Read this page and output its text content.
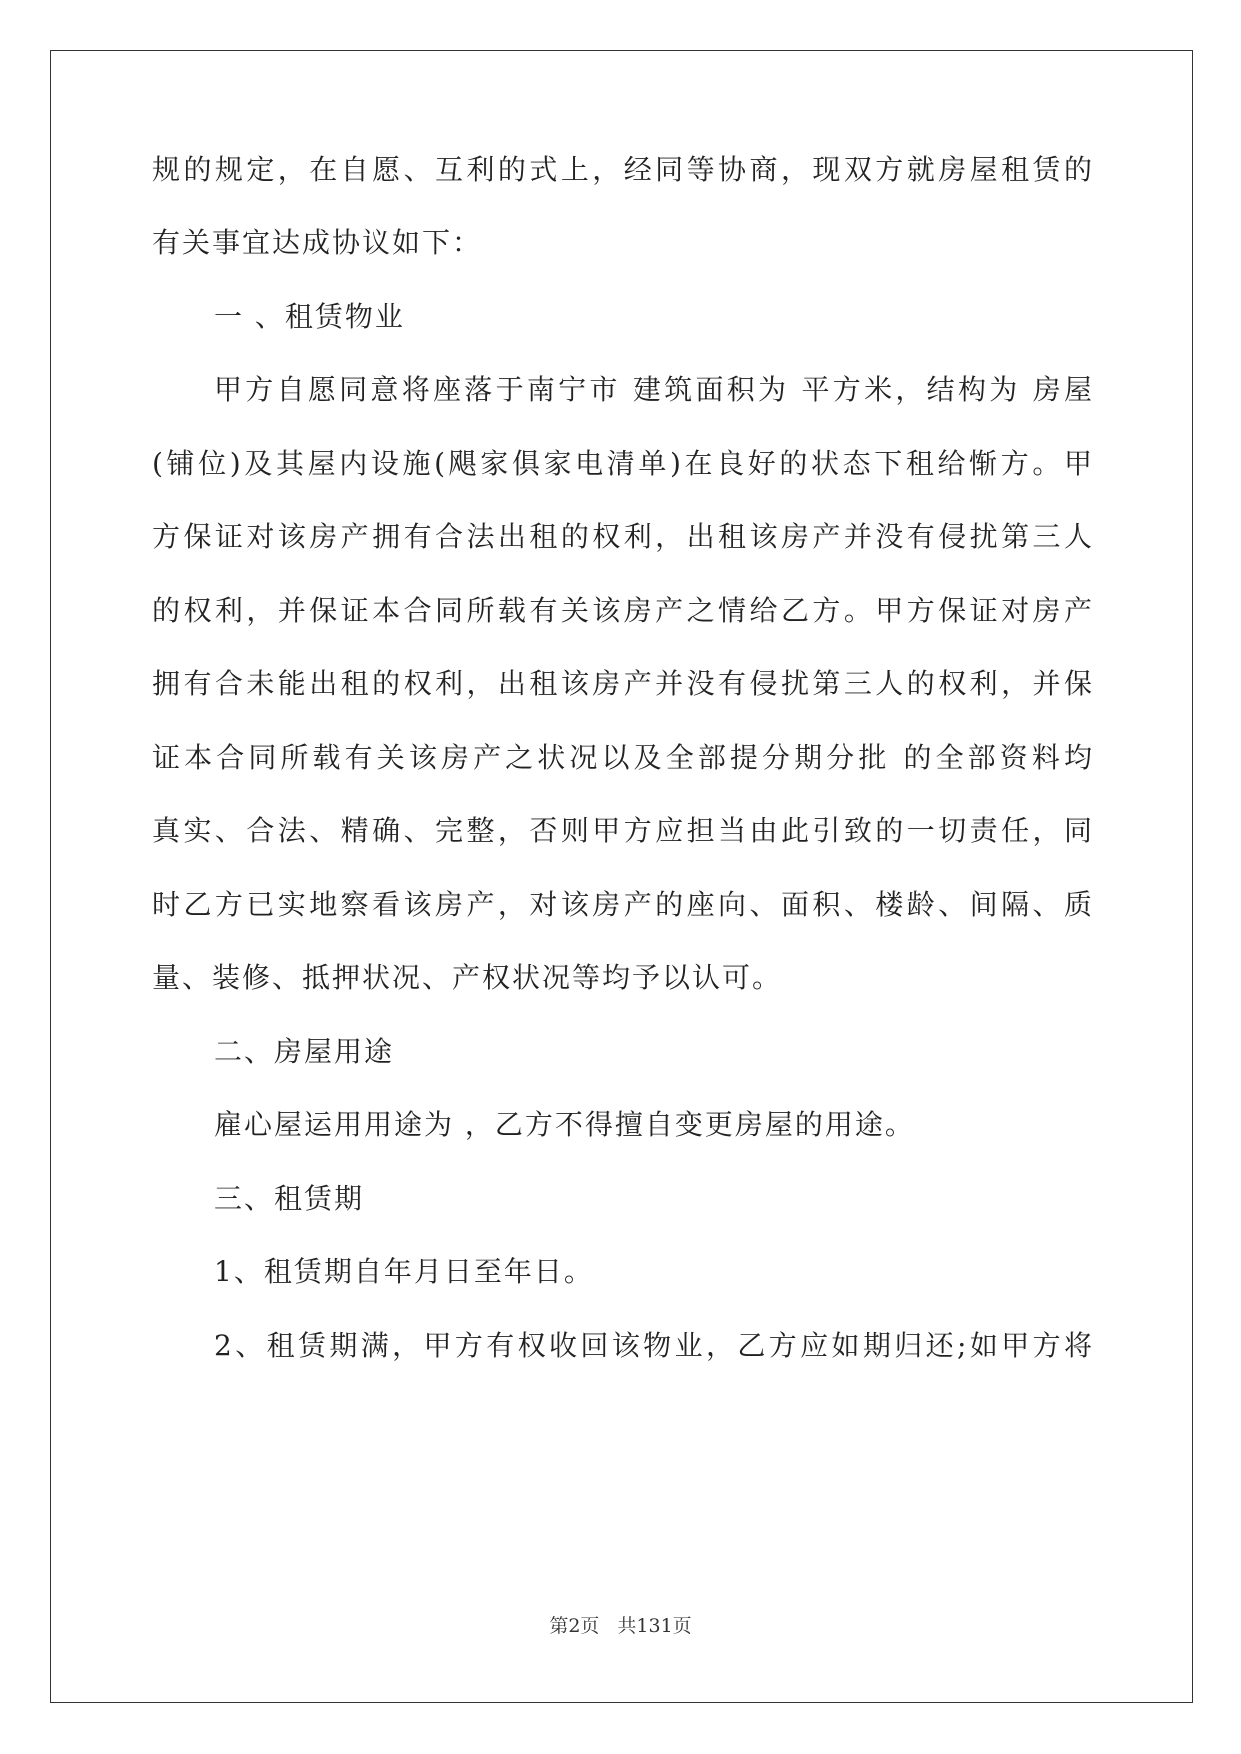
规的规定，在自愿、互利的式上，经同等协商，现双方就房屋租赁的
有关事宜达成协议如下：
一 、租赁物业
甲方自愿同意将座落于南宁市 建筑面积为 平方米，结构为 房屋
(铺位)及其屋内设施(飓家俱家电清单)在良好的状态下租给惭方。甲
方保证对该房产拥有合法出租的权利，出租该房产并没有侵扰第三人
的权利，并保证本合同所载有关该房产之情给乙方。甲方保证对房产
拥有合未能出租的权利，出租该房产并没有侵扰第三人的权利，并保
证本合同所载有关该房产之状况以及全部提分期分批 的全部资料均
真实、合法、精确、完整，否则甲方应担当由此引致的一切责任，同
时乙方已实地察看该房产，对该房产的座向、面积、楼龄、间隔、质
量、装修、抵押状况、产权状况等均予以认可。
二、房屋用途
雇心屋运用用途为 ，乙方不得擅自变更房屋的用途。
三、租赁期
1、租赁期自年月日至年日。
2、租赁期满，甲方有权收回该物业，乙方应如期归还;如甲方将
第2页 共131页
